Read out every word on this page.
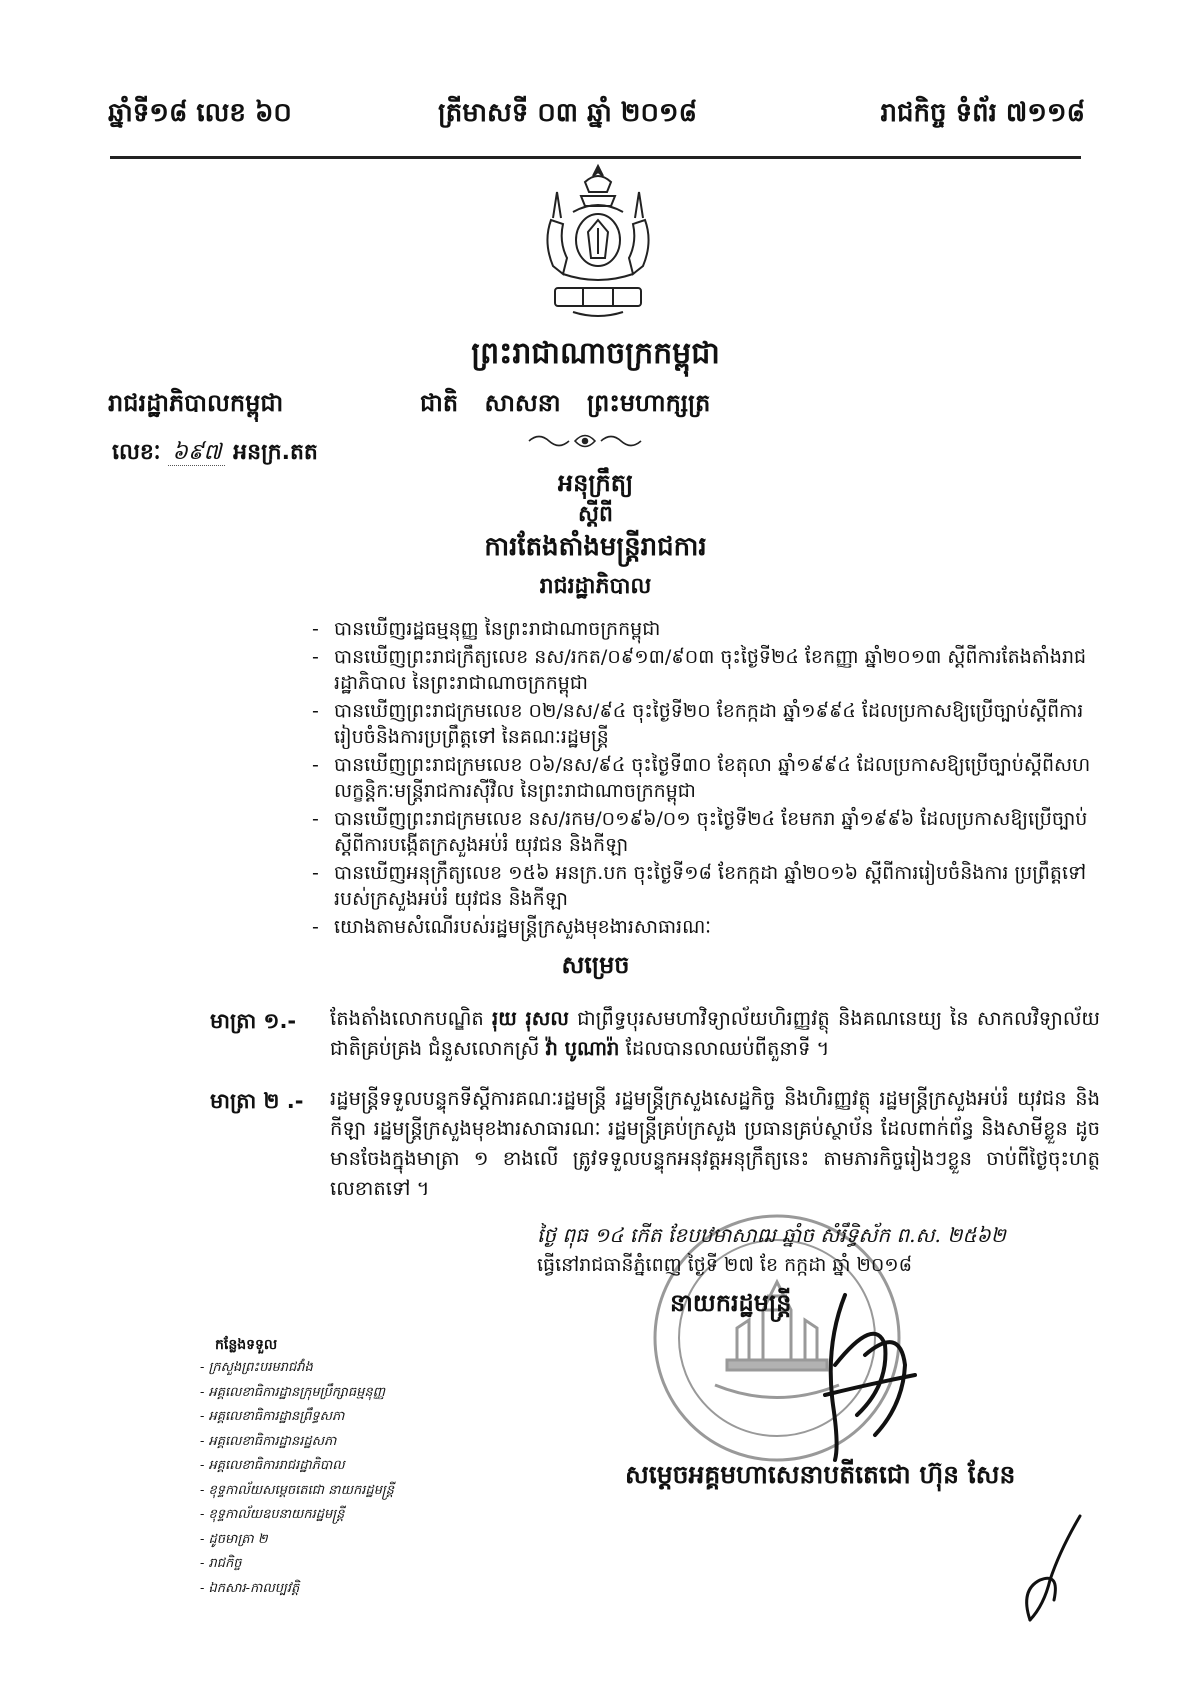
ឆ្នាំទី១៨ លេខ ៦០	ត្រីមាសទី ០៣ ឆ្នាំ ២០១៨	រាជកិច្ច ទំព័រ ៧១១៨
ព្រះរាជាណាចក្រកម្ពុជា
រាជរដ្ឋាភិបាលកម្ពុជា	ជាតិ សាសនា ព្រះមហាក្សត្រ
លេខៈ ៦៩៧ អនក្រ.តត
អនុក្រឹត្យ
ស្តីពី
ការតែងតាំងមន្ត្រីរាជការ
រាជរដ្ឋាភិបាល
- បានឃើញរដ្ឋធម្មនុញ្ញ នៃព្រះរាជាណាចក្រកម្ពុជា
- បានឃើញព្រះរាជក្រឹត្យលេខ នស/រកត/០៩១៣/៩០៣ ចុះថ្ងៃទី២៤ ខែកញ្ញា ឆ្នាំ២០១៣ ស្តីពីការតែងតាំងរាជរដ្ឋាភិបាល នៃព្រះរាជាណាចក្រកម្ពុជា
- បានឃើញព្រះរាជក្រមលេខ ០២/នស/៩៤ ចុះថ្ងៃទី២០ ខែកក្កដា ឆ្នាំ១៩៩៤ ដែលប្រកាសឱ្យប្រើច្បាប់ស្តីពីការរៀបចំនិងការប្រព្រឹត្តទៅ នៃគណៈរដ្ឋមន្ត្រី
- បានឃើញព្រះរាជក្រមលេខ ០៦/នស/៩៤ ចុះថ្ងៃទី៣០ ខែតុលា ឆ្នាំ១៩៩៤ ដែលប្រកាសឱ្យប្រើច្បាប់ស្តីពីសហលក្ខន្តិកៈមន្ត្រីរាជការស៊ីវិល នៃព្រះរាជាណាចក្រកម្ពុជា
- បានឃើញព្រះរាជក្រមលេខ នស/រកម/០១៩៦/០១ ចុះថ្ងៃទី២៤ ខែមករា ឆ្នាំ១៩៩៦ ដែលប្រកាសឱ្យប្រើច្បាប់ ស្តីពីការបង្កើតក្រសួងអប់រំ យុវជន និងកីឡា
- បានឃើញអនុក្រឹត្យលេខ ១៥៦ អនក្រ.បក ចុះថ្ងៃទី១៨ ខែកក្កដា ឆ្នាំ២០១៦ ស្តីពីការរៀបចំនិងការ ប្រព្រឹត្តទៅរបស់ក្រសួងអប់រំ យុវជន និងកីឡា
- យោងតាមសំណើរបស់រដ្ឋមន្ត្រីក្រសួងមុខងារសាធារណៈ
សម្រេច
មាត្រា ១.- តែងតាំងលោកបណ្ឌិត រុយ រុសល ជាព្រឹទ្ធបុរសមហាវិទ្យាល័យហិរញ្ញវត្ថុ និងគណនេយ្យ នៃ សាកលវិទ្យាល័យជាតិគ្រប់គ្រង ជំនួសលោកស្រី វ៉ា បូណារ៉ា ដែលបានលាឈប់ពីតួនាទី ។
មាត្រា ២ .- រដ្ឋមន្ត្រីទទួលបន្ទុកទីស្តីការគណៈរដ្ឋមន្ត្រី រដ្ឋមន្ត្រីក្រសួងសេដ្ឋកិច្ច និងហិរញ្ញវត្ថុ រដ្ឋមន្ត្រីក្រសួងអប់រំ យុវជន និងកីឡា រដ្ឋមន្ត្រីក្រសួងមុខងារសាធារណៈ រដ្ឋមន្ត្រីគ្រប់ក្រសួង ប្រធានគ្រប់ស្ថាប័ន ដែលពាក់ព័ន្ធ និងសាមីខ្លួន ដូចមានចែងក្នុងមាត្រា ១ ខាងលើ ត្រូវទទួលបន្ទុកអនុវត្តអនុក្រឹត្យនេះ តាមភារកិច្ចរៀងៗខ្លួន ចាប់ពីថ្ងៃចុះហត្ថលេខាតទៅ ។
ថ្ងៃ ពុធ ១៤ កើត ខែបឋមាសាឍ ឆ្នាំច សំរឹទ្ធិស័ក ព.ស. ២៥៦២
ធ្វើនៅរាជធានីភ្នំពេញ ថ្ងៃទី ២៧ ខែ កក្កដា ឆ្នាំ ២០១៨
នាយករដ្ឋមន្ត្រី
សម្តេចអគ្គមហាសេនាបតីតេជោ ហ៊ុន សែន
កន្លែងទទួល
- ក្រសួងព្រះបរមរាជវាំង
- អគ្គលេខាធិការដ្ឋានក្រុមប្រឹក្សាធម្មនុញ្ញ
- អគ្គលេខាធិការដ្ឋានព្រឹទ្ធសភា
- អគ្គលេខាធិការដ្ឋានរដ្ឋសភា
- អគ្គលេខាធិការរាជរដ្ឋាភិបាល
- ខុទ្ទកាល័យសម្តេចតេជោ នាយករដ្ឋមន្ត្រី
- ខុទ្ទកាល័យឧបនាយករដ្ឋមន្ត្រី
- ដូចមាត្រា ២
- រាជកិច្ច
- ឯកសារ-កាលប្បវត្តិ
